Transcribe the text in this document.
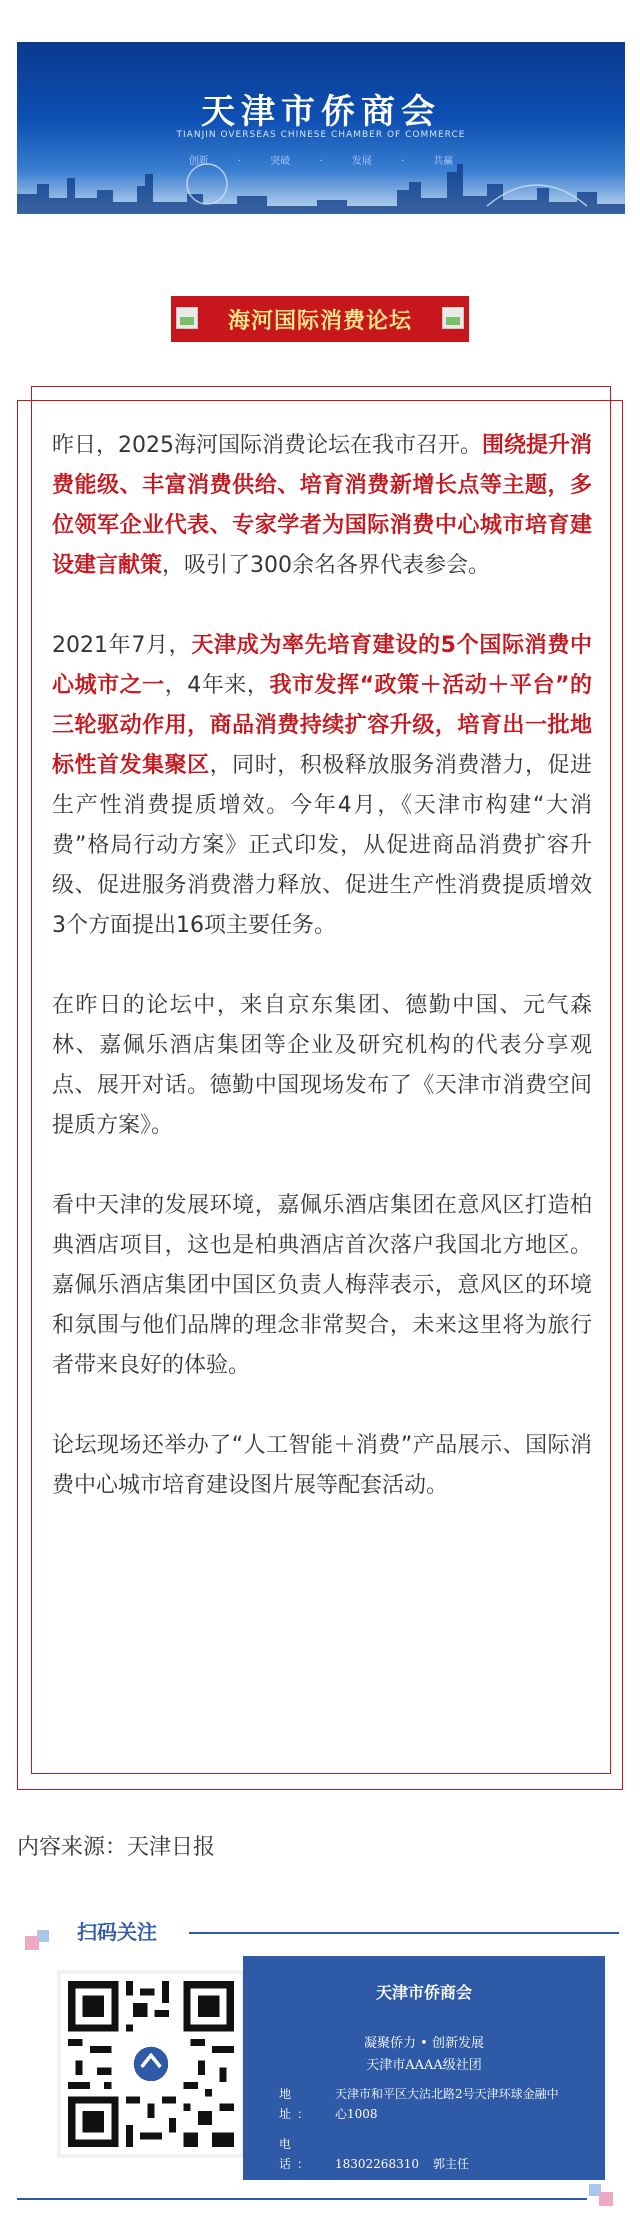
天津市侨商会
TIANJIN OVERSEAS CHINESE CHAMBER OF COMMERCE
创新 · 突破 · 发展 · 共赢
海河国际消费论坛

昨日，2025海河国际消费论坛在我市召开。围绕提升消费能级、丰富消费供给、培育消费新增长点等主题，多位领军企业代表、专家学者为国际消费中心城市培育建设建言献策，吸引了300余名各界代表参会。

2021年7月，天津成为率先培育建设的5个国际消费中心城市之一，4年来，我市发挥“政策＋活动＋平台”的三轮驱动作用，商品消费持续扩容升级，培育出一批地标性首发集聚区，同时，积极释放服务消费潜力，促进生产性消费提质增效。今年4月，《天津市构建“大消费”格局行动方案》正式印发，从促进商品消费扩容升级、促进服务消费潜力释放、促进生产性消费提质增效3个方面提出16项主要任务。

在昨日的论坛中，来自京东集团、德勤中国、元气森林、嘉佩乐酒店集团等企业及研究机构的代表分享观点、展开对话。德勤中国现场发布了《天津市消费空间提质方案》。

看中天津的发展环境，嘉佩乐酒店集团在意风区打造柏典酒店项目，这也是柏典酒店首次落户我国北方地区。嘉佩乐酒店集团中国区负责人梅萍表示，意风区的环境和氛围与他们品牌的理念非常契合，未来这里将为旅行者带来良好的体验。

论坛现场还举办了“人工智能＋消费”产品展示、国际消费中心城市培育建设图片展等配套活动。

内容来源：天津日报
扫码关注
天津市侨商会
凝聚侨力 • 创新发展
天津市AAAA级社团
地　址：天津市和平区大沽北路2号天津环球金融中心1008
电　话： 18302268310 郭主任
